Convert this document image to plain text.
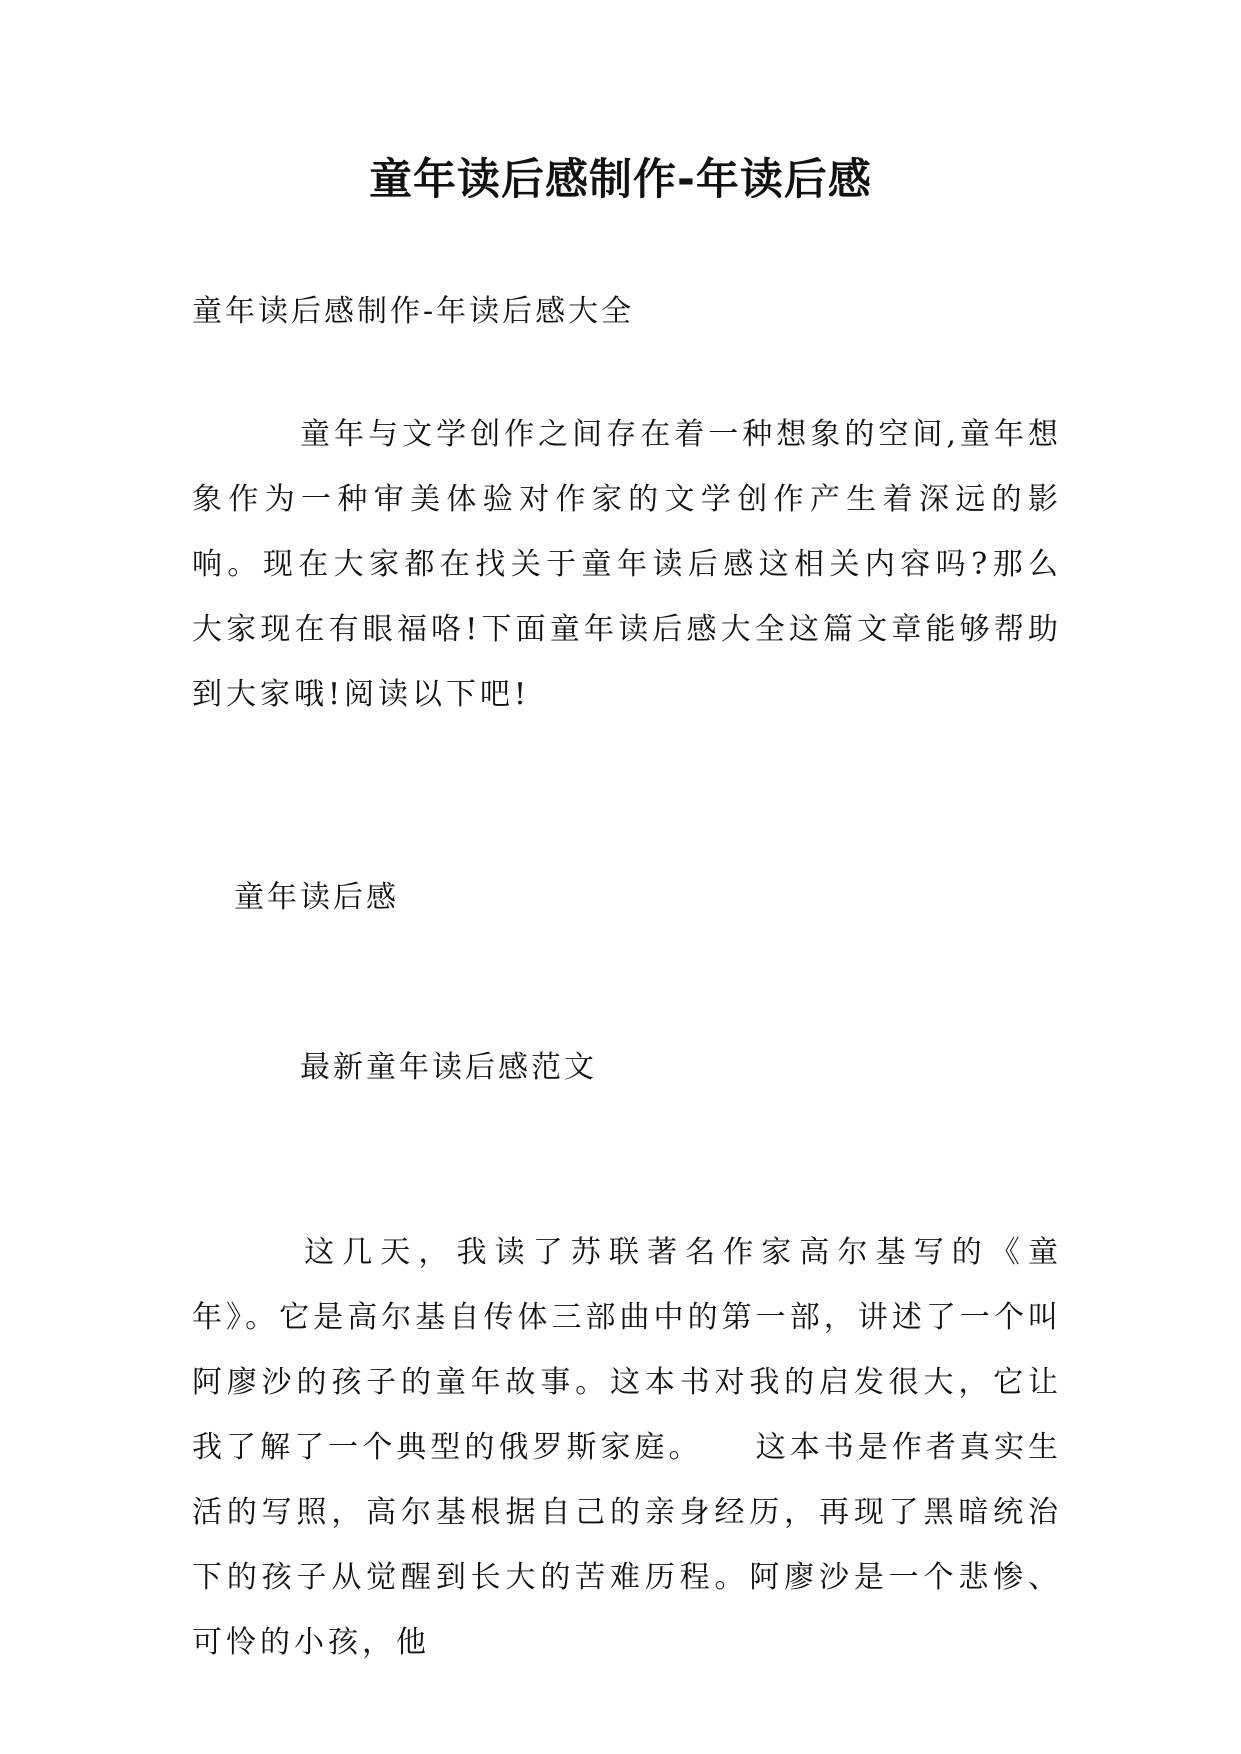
童年读后感制作-年读后感
童年读后感制作-年读后感大全

童年与文学创作之间存在着一种想象的空间,童年想象作为一种审美体验对作家的文学创作产生着深远的影响。现在大家都在找关于童年读后感这相关内容吗?那么大家现在有眼福咯!下面童年读后感大全这篇文章能够帮助到大家哦!阅读以下吧!

童年读后感
最新童年读后感范文

这几天，我读了苏联著名作家高尔基写的《童年》。它是高尔基自传体三部曲中的第一部，讲述了一个叫阿廖沙的孩子的童年故事。这本书对我的启发很大，它让我了解了一个典型的俄罗斯家庭。　　这本书是作者真实生活的写照，高尔基根据自己的亲身经历，再现了黑暗统治下的孩子从觉醒到长大的苦难历程。阿廖沙是一个悲惨、可怜的小孩，他
